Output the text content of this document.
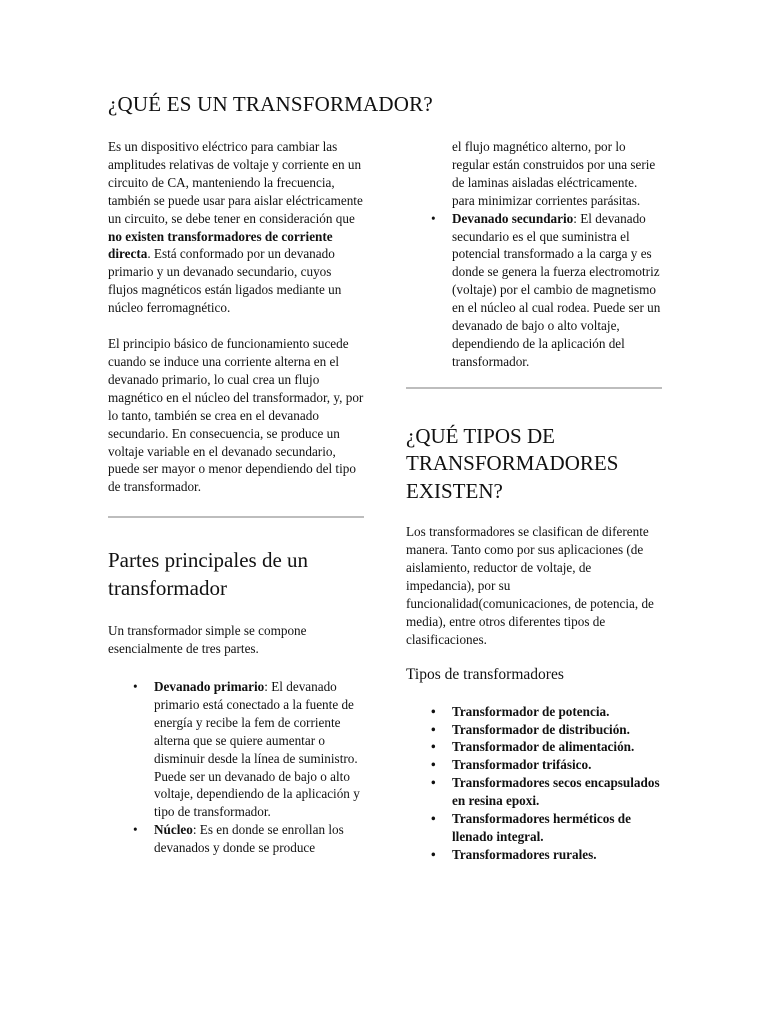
¿QUÉ ES UN TRANSFORMADOR?

Es un dispositivo eléctrico para cambiar las amplitudes relativas de voltaje y corriente en un circuito de CA, manteniendo la frecuencia, también se puede usar para aislar eléctricamente un circuito, se debe tener en consideración que no existen transformadores de corriente directa. Está conformado por un devanado primario y un devanado secundario, cuyos flujos magnéticos están ligados mediante un núcleo ferromagnético.

El principio básico de funcionamiento sucede cuando se induce una corriente alterna en el devanado primario, lo cual crea un flujo magnético en el núcleo del transformador, y, por lo tanto, también se crea en el devanado secundario. En consecuencia, se produce un voltaje variable en el devanado secundario, puede ser mayor o menor dependiendo del tipo de transformador.

Partes principales de un transformador

Un transformador simple se compone esencialmente de tres partes.

• Devanado primario: El devanado primario está conectado a la fuente de energía y recibe la fem de corriente alterna que se quiere aumentar o disminuir desde la línea de suministro. Puede ser un devanado de bajo o alto voltaje, dependiendo de la aplicación y tipo de transformador.
• Núcleo: Es en donde se enrollan los devanados y donde se produce
el flujo magnético alterno, por lo regular están construidos por una serie de laminas aisladas eléctricamente. para minimizar corrientes parásitas.
• Devanado secundario: El devanado secundario es el que suministra el potencial transformado a la carga y es donde se genera la fuerza electromotriz (voltaje) por el cambio de magnetismo en el núcleo al cual rodea. Puede ser un devanado de bajo o alto voltaje, dependiendo de la aplicación del transformador.
¿QUÉ TIPOS DE TRANSFORMADORES EXISTEN?

Los transformadores se clasifican de diferente manera. Tanto como por sus aplicaciones (de aislamiento, reductor de voltaje, de impedancia), por su funcionalidad(comunicaciones, de potencia, de media), entre otros diferentes tipos de clasificaciones.

Tipos de transformadores
• Transformador de potencia.
• Transformador de distribución.
• Transformador de alimentación.
• Transformador trifásico.
• Transformadores secos encapsulados en resina epoxi.
• Transformadores herméticos de llenado integral.
• Transformadores rurales.
